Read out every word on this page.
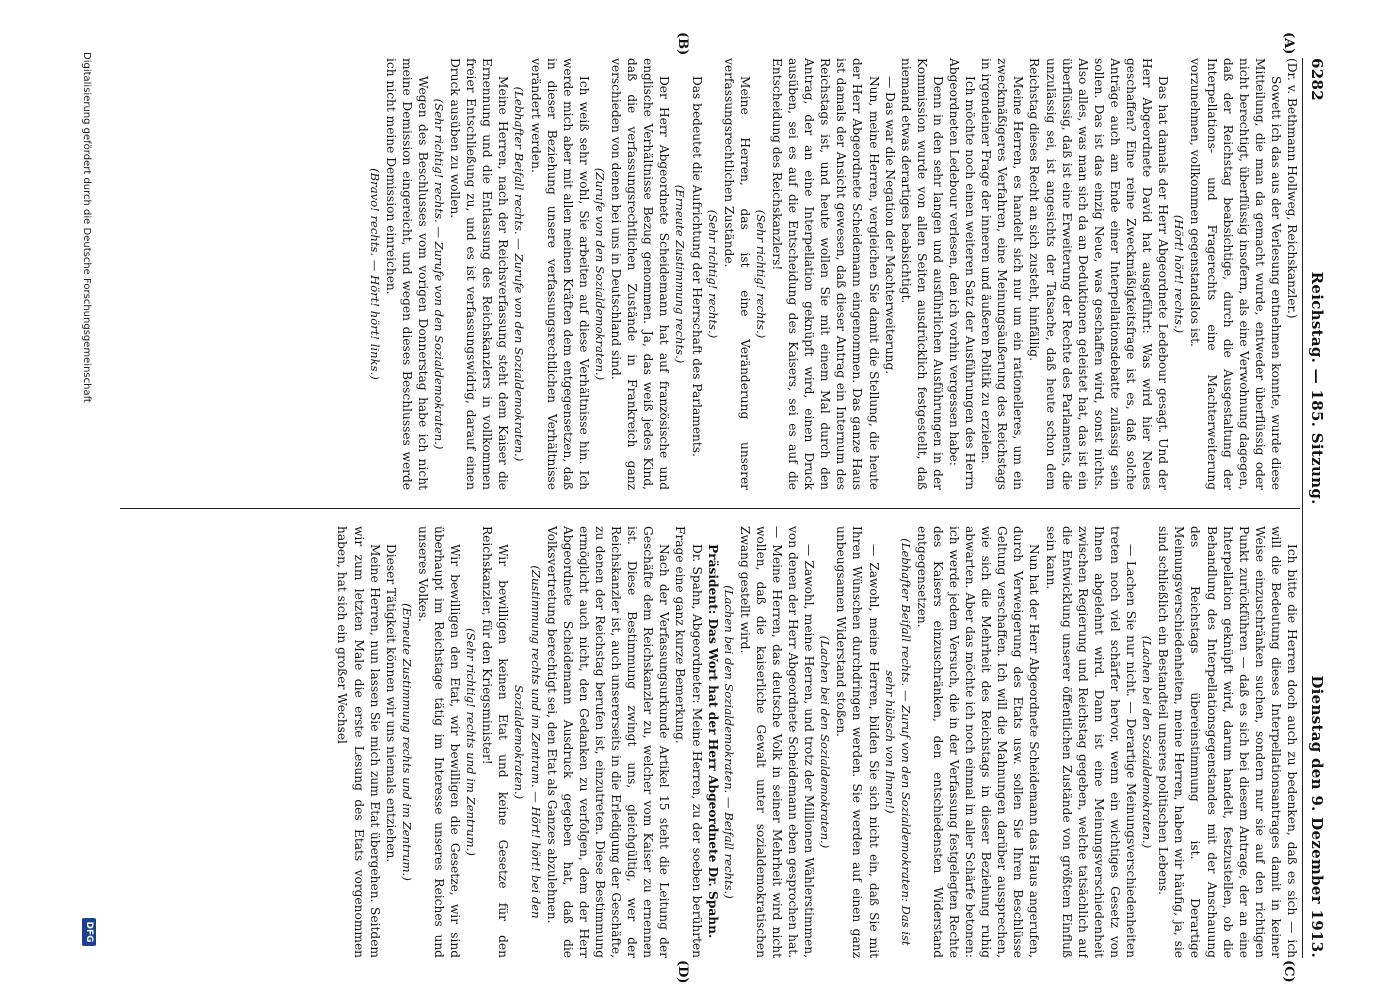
6282
Reichstag. — 185. Sitzung.
Dienstag den 9. Dezember 1913.

(Dr. v. Bethmann Hollweg, Reichskanzler.)

Sowett ich das aus der Verlesung entnehmen konnte, wurde diese Mitteilung, die man da gemacht wurde, entweder überflüssig oder nicht berechtigt, überflüssig insofern, als eine Verwohnung dagegen, daß der Reichstag beabsichtige, durch die Ausgestaltung der Interpellations- und Fragerechts eine Machterweiterung vorzunehmen, vollkommen gegenstandslos ist.

(Hört! hört! rechts.)

Das hat damals der Herr Abgeordnete Ledebour gesagt. Und der Herr Abgeordnete David hat ausgeführt: Was wird hier Neues geschaffen? Eine reine Zweckmäßigkeitsfrage ist es, daß solche Anträge auch am Ende einer Interpellationsdebatte zulässig sein sollen. Das ist das einzig Neue, was geschaffen wird, sonst nichts. Also alles, was man sich da an Deduktionen geleistet hat, das ist ein überflüssig, daß ist eine Erweiterung der Rechte des Parlaments, die unzulässig sei, ist angesichts der Tatsache, daß heute schon dem Reichstag dieses Recht an sich zusteht, hinfällig.

Meine Herren, es handelt sich nur um ein rationelleres, um ein zweckmäßigeres Verfahren, eine Meinungsäußerung des Reichstags in irgendeiner Frage der inneren und äußeren Politik zu erzielen.

Ich möchte noch einen weiteren Satz der Ausführungen des Herrn Abgeordneten Ledebour verlesen, den ich vorhin vergessen habe:

Denn in den sehr langen und ausführlichen Ausführungen in der Kommission wurde von allen Seiten ausdrücklich festgestellt, daß niemand etwas derartiges beabsichtigt.

— Das war die Negation der Machterweiterung.

Nun, meine Herren, vergleichen Sie damit die Stellung, die heute der Herr Abgeordnete Scheidemann eingenommen. Das ganze Haus ist damals der Ansicht gewesen, daß dieser Antrag ein Internum des Reichstags ist, und heute wollen Sie mit einem Mal durch den Antrag, der an eine Interpellation geknüpft wird, einen Druck ausüben, sei es auf die Entscheidung des Kaisers, sei es auf die Entscheidung des Reichskanzlers!

(Sehr richtig! rechts.)

Meine Herren, das ist eine Veränderung unserer verfassungsrechtlichen Zustände.

(Sehr richtig! rechts.)

Das bedeutet die Aufrichtung der Herrschaft des Parlaments.

(Erneute Zustimmung rechts.)

Der Herr Abgeordnete Scheidemann hat auf französische und englische Verhältnisse Bezug genommen. Ja, das weiß jedes Kind, daß die verfassungsrechtlichen Zustände in Frankreich ganz verschieden von denen bei uns in Deutschland sind.

(Zurufe von den Sozialdemokraten.)

Ich weiß sehr wohl, Sie arbeiten auf diese Verhältnisse hin. Ich werde mich aber mit allen meinen Kräften dem entgegensetzen, daß in dieser Beziehung unsere verfassungsrechtlichen Verhältnisse verändert werden.

(Lebhafter Beifall rechts. — Zurufe von den Sozialdemokraten.)

Meine Herren, nach der Reichsverfassung steht dem Kaiser die Ernennung und die Entlassung des Reichskanzlers in vollkommen freier Entschließung zu, und es ist verfassungswidrig, darauf einen Druck ausüben zu wollen.

(Sehr richtig! rechts. — Zurufe von den Sozialdemokraten.)

Wegen des Beschlusses vom vorigen Donnerstag habe ich nicht meine Demission eingereicht, und wegen dieses Beschlusses werde ich nicht meine Demission einreichen.

(Bravo! rechts. — Hört! hört! links.)

Ich bitte die Herren doch auch zu bedenken, daß es sich — ich will die Bedeutung dieses Interpellationsantrages damit in keiner Weise einzuschränken suchen, sondern nur sie auf den richtigen Punkt zurückführen — daß es sich bei diesem Antrage, der an eine Interpellation geknüpft wird, darum handelt, festzustellen, ob die Behandlung des Interpellationsgegenstandes mit der Anschauung des Reichstags übereinstimmung ist. Derartige Meinungsverschiedenheiten, meine Herren, haben wir häufig, ja, sie sind schließlich ein Bestandteil unseres politischen Lebens.

(Lachen bei den Sozialdemokraten.)

— Lachen Sie nur nicht. — Derartige Meinungsverschiedenheiten treten noch viel schärfer hervor, wenn ein wichtiges Gesetz von Ihnen abgelehnt wird. Dann ist eine Meinungsverschiedenheit zwischen Regierung und Reichstag gegeben, welche tatsächlich auf die Entwicklung unserer öffentlichen Zustände von größtem Einfluß sein kann.

Nun hat der Herr Abgeordnete Scheidemann das Haus angerufen, durch Verweigerung des Etats usw. sollen Sie Ihren Beschlüsse Geltung verschaffen. Ich will die Mahnungen darüber aussprechen, wie sich die Mehrheit des Reichstags in dieser Beziehung ruhig abwarten. Aber das möchte ich noch einmal in aller Schärfe betonen: ich werde jedem Versuch, die in der Verfassung festgelegten Rechte des Kaisers einzuschränken, den entschiedensten Widerstand entgegensetzen.

(Lebhafter Beifall rechts. — Zuruf von den Sozialdemokraten: Das ist sehr hübsch von Ihnen!)

— Zawohl, meine Herren, bilden Sie sich nicht ein, daß Sie mit Ihren Wünschen durchdringen werden. Sie werden auf einen ganz unbeugsamen Widerstand stoßen.

(Lachen bei den Sozialdemokraten.)

— Zawohl, meine Herren, und trotz der Millionen Wählerstimmen, von denen der Herr Abgeordnete Scheidemann eben gesprochen hat. — Meine Herren, das deutsche Volk in seiner Mehrheit wird nicht wollen, daß die kaiserliche Gewalt unter sozialdemokratischen Zwang gestellt wird.

(Lachen bei den Sozialdemokraten. — Beifall rechts.)

Präsident: Das Wort hat der Herr Abgeordnete Dr. Spahn.

Dr. Spahn, Abgeordneter: Meine Herren, zu der soeben berührten Frage eine ganz kurze Bemerkung.

Nach der Verfassungsurkunde Artikel 15 steht die Leitung der Geschäfte dem Reichskanzler zu, welcher vom Kaiser zu ernennen ist. Diese Bestimmung zwingt uns, gleichgültig, wer der Reichskanzler ist, auch unsererseits in die Erledigung der Geschäfte, zu denen der Reichstag berufen ist, einzutreten. Diese Bestimmung ermöglicht auch nicht, den Gedanken zu verfolgen, dem der Herr Abgeordnete Scheidemann Ausdruck gegeben hat, daß die Volksvertretung berechtigt sei, den Etat als Ganzes abzulehnen.

(Zustimmung rechts und im Zentrum. — Hört! hört! bei den Sozialdemokraten.)

Wir bewilligen keinen Etat und keine Gesetze für den Reichskanzler, für den Kriegsminister!

(Sehr richtig! rechts und im Zentrum.)

Wir bewilligen den Etat, wir bewilligen die Gesetze, wir sind überhaupt im Reichstage tätig im Interesse unseres Reiches und unseres Volkes.

(Erneute Zustimmung rechts und im Zentrum.)

Dieser Tätigkeit können wir uns niemals entziehen.

Meine Herren, nun lassen Sie mich zum Etat übergehen. Seitdem wir zum letzten Male die erste Lesung des Etats vorgenommen haben, hat sich ein großer Wechsel

(A)
(B)
(C)
(D)
Digitalisierung gefördert durch die Deutsche Forschungsgemeinschaft
DFG
